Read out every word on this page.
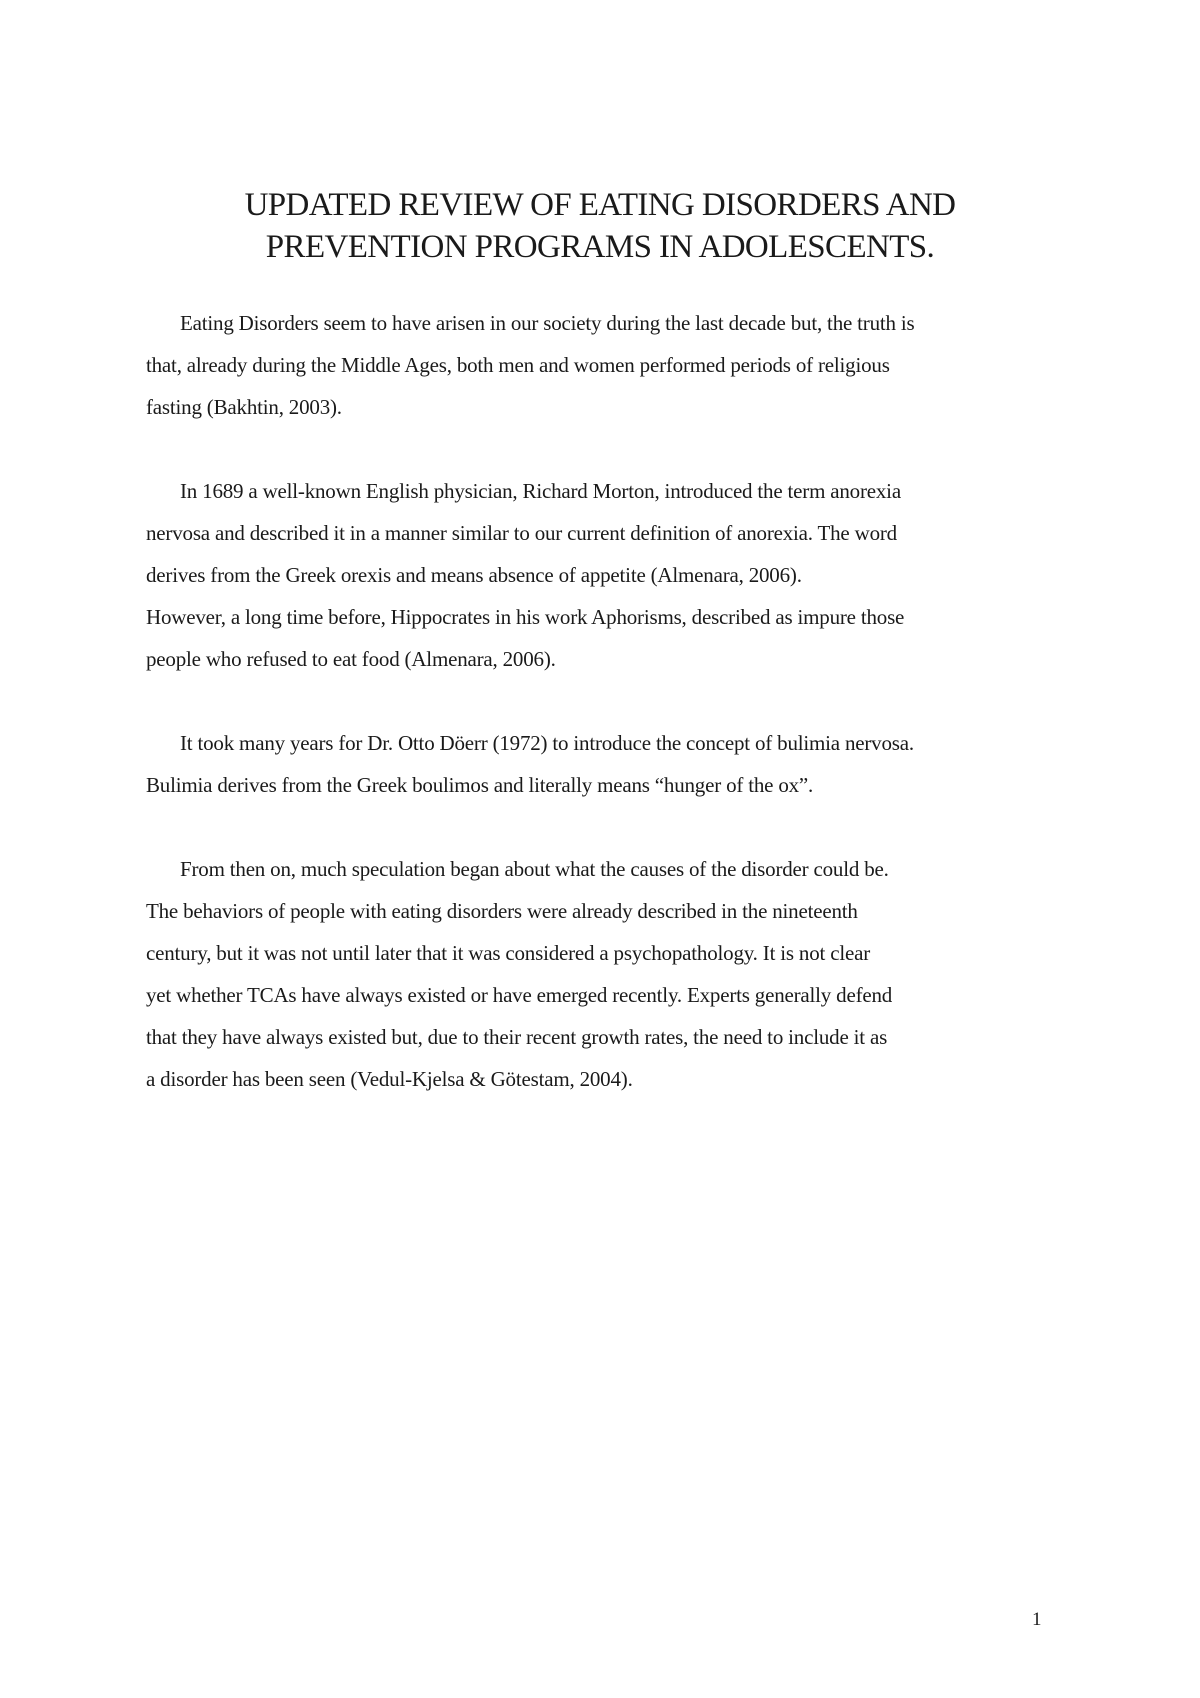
UPDATED REVIEW OF EATING DISORDERS AND
PREVENTION PROGRAMS IN ADOLESCENTS.
Eating Disorders seem to have arisen in our society during the last decade but, the truth is
that, already during the Middle Ages, both men and women performed periods of religious
fasting (Bakhtin, 2003).
In 1689 a well-known English physician, Richard Morton, introduced the term anorexia
nervosa and described it in a manner similar to our current definition of anorexia. The word
derives from the Greek orexis and means absence of appetite (Almenara, 2006).
However, a long time before, Hippocrates in his work Aphorisms, described as impure those
people who refused to eat food (Almenara, 2006).
It took many years for Dr. Otto Döerr (1972) to introduce the concept of bulimia nervosa.
Bulimia derives from the Greek boulimos and literally means “hunger of the ox”.
From then on, much speculation began about what the causes of the disorder could be.
The behaviors of people with eating disorders were already described in the nineteenth
century, but it was not until later that it was considered a psychopathology. It is not clear
yet whether TCAs have always existed or have emerged recently. Experts generally defend
that they have always existed but, due to their recent growth rates, the need to include it as
a disorder has been seen (Vedul-Kjelsa & Götestam, 2004).
1
